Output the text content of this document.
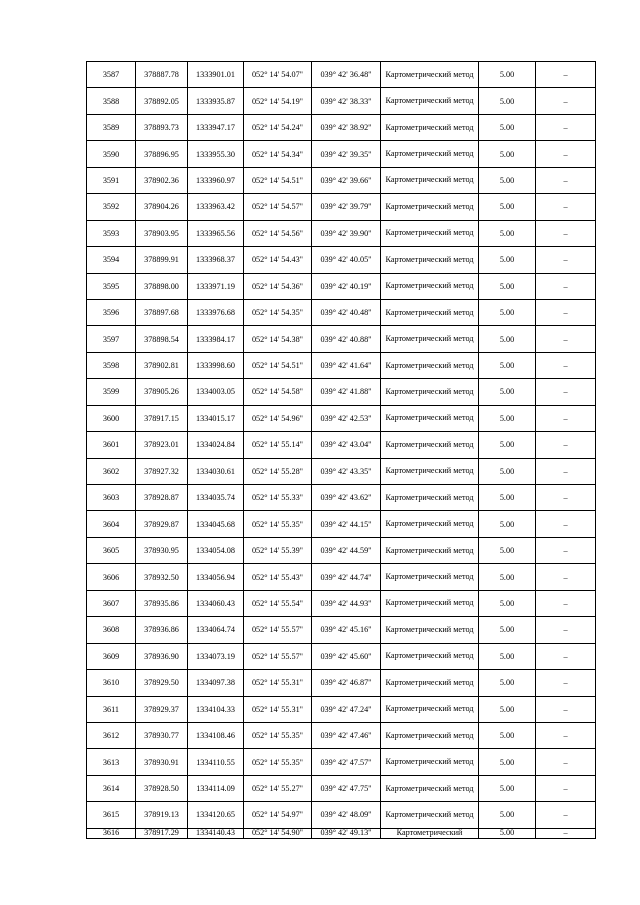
3587	378887.78	1333901.01	052° 14' 54.07"	039° 42' 36.48"	Картометрический метод	5.00	–
3588	378892.05	1333935.87	052° 14' 54.19"	039° 42' 38.33"	Картометрический метод	5.00	–
3589	378893.73	1333947.17	052° 14' 54.24"	039° 42' 38.92"	Картометрический метод	5.00	–
3590	378896.95	1333955.30	052° 14' 54.34"	039° 42' 39.35"	Картометрический метод	5.00	–
3591	378902.36	1333960.97	052° 14' 54.51"	039° 42' 39.66"	Картометрический метод	5.00	–
3592	378904.26	1333963.42	052° 14' 54.57"	039° 42' 39.79"	Картометрический метод	5.00	–
3593	378903.95	1333965.56	052° 14' 54.56"	039° 42' 39.90"	Картометрический метод	5.00	–
3594	378899.91	1333968.37	052° 14' 54.43"	039° 42' 40.05"	Картометрический метод	5.00	–
3595	378898.00	1333971.19	052° 14' 54.36"	039° 42' 40.19"	Картометрический метод	5.00	–
3596	378897.68	1333976.68	052° 14' 54.35"	039° 42' 40.48"	Картометрический метод	5.00	–
3597	378898.54	1333984.17	052° 14' 54.38"	039° 42' 40.88"	Картометрический метод	5.00	–
3598	378902.81	1333998.60	052° 14' 54.51"	039° 42' 41.64"	Картометрический метод	5.00	–
3599	378905.26	1334003.05	052° 14' 54.58"	039° 42' 41.88"	Картометрический метод	5.00	–
3600	378917.15	1334015.17	052° 14' 54.96"	039° 42' 42.53"	Картометрический метод	5.00	–
3601	378923.01	1334024.84	052° 14' 55.14"	039° 42' 43.04"	Картометрический метод	5.00	–
3602	378927.32	1334030.61	052° 14' 55.28"	039° 42' 43.35"	Картометрический метод	5.00	–
3603	378928.87	1334035.74	052° 14' 55.33"	039° 42' 43.62"	Картометрический метод	5.00	–
3604	378929.87	1334045.68	052° 14' 55.35"	039° 42' 44.15"	Картометрический метод	5.00	–
3605	378930.95	1334054.08	052° 14' 55.39"	039° 42' 44.59"	Картометрический метод	5.00	–
3606	378932.50	1334056.94	052° 14' 55.43"	039° 42' 44.74"	Картометрический метод	5.00	–
3607	378935.86	1334060.43	052° 14' 55.54"	039° 42' 44.93"	Картометрический метод	5.00	–
3608	378936.86	1334064.74	052° 14' 55.57"	039° 42' 45.16"	Картометрический метод	5.00	–
3609	378936.90	1334073.19	052° 14' 55.57"	039° 42' 45.60"	Картометрический метод	5.00	–
3610	378929.50	1334097.38	052° 14' 55.31"	039° 42' 46.87"	Картометрический метод	5.00	–
3611	378929.37	1334104.33	052° 14' 55.31"	039° 42' 47.24"	Картометрический метод	5.00	–
3612	378930.77	1334108.46	052° 14' 55.35"	039° 42' 47.46"	Картометрический метод	5.00	–
3613	378930.91	1334110.55	052° 14' 55.35"	039° 42' 47.57"	Картометрический метод	5.00	–
3614	378928.50	1334114.09	052° 14' 55.27"	039° 42' 47.75"	Картометрический метод	5.00	–
3615	378919.13	1334120.65	052° 14' 54.97"	039° 42' 48.09"	Картометрический метод	5.00	–
3616	378917.29	1334140.43	052° 14' 54.90"	039° 42' 49.13"	Картометрический	5.00	–
